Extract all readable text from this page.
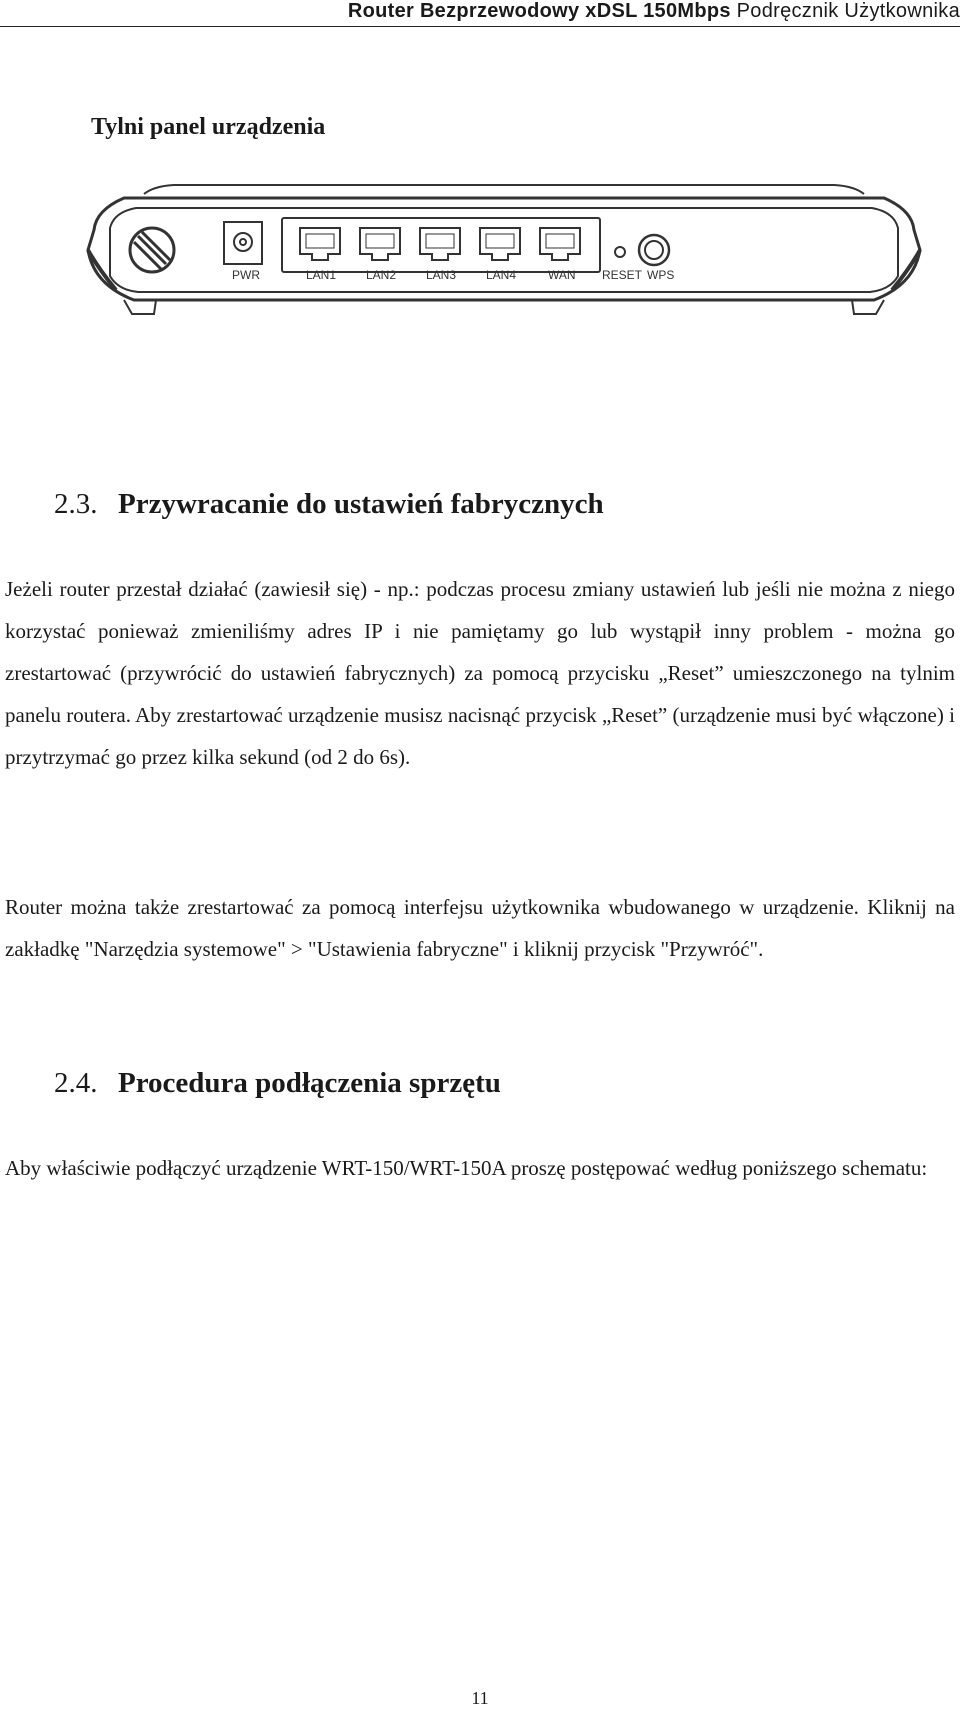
Router Bezprzewodowy xDSL 150Mbps Podręcznik Użytkownika
Tylni panel urządzenia
PWR	LAN1 LAN2 LAN3 LAN4	WAN RESET WPS
2.3. Przywracanie do ustawień fabrycznych

Jeżeli router przestał działać (zawiesił się) - np.: podczas procesu zmiany ustawień lub jeśli nie można z niego korzystać ponieważ zmieniliśmy adres IP i nie pamiętamy go lub wystąpił inny problem - można go zrestartować (przywrócić do ustawień fabrycznych) za pomocą przycisku „Reset” umieszczonego na tylnim panelu routera. Aby zrestartować urządzenie musisz nacisnąć przycisk „Reset” (urządzenie musi być włączone) i przytrzymać go przez kilka sekund (od 2 do 6s).

Router można także zrestartować za pomocą interfejsu użytkownika wbudowanego w urządzenie. Kliknij na zakładkę "Narzędzia systemowe" > "Ustawienia fabryczne" i kliknij przycisk "Przywróć".

2.4. Procedura podłączenia sprzętu

Aby właściwie podłączyć urządzenie WRT-150/WRT-150A proszę postępować według poniższego schematu:

11
